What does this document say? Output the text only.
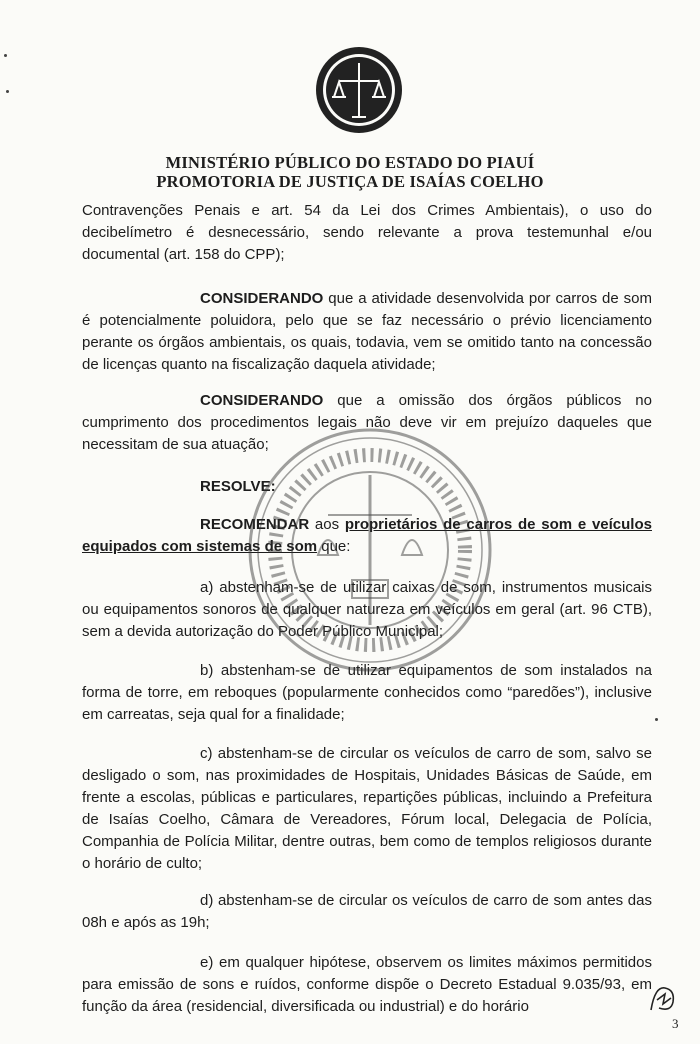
MINISTÉRIO PÚBLICO DO ESTADO DO PIAUÍ
PROMOTORIA DE JUSTIÇA DE ISAÍAS COELHO
Contravenções Penais e art. 54 da Lei dos Crimes Ambientais), o uso do decibelímetro é desnecessário, sendo relevante a prova testemunhal e/ou documental (art. 158 do CPP);
CONSIDERANDO que a atividade desenvolvida por carros de som é potencialmente poluidora, pelo que se faz necessário o prévio licenciamento perante os órgãos ambientais, os quais, todavia, vem se omitido tanto na concessão de licenças quanto na fiscalização daquela atividade;
CONSIDERANDO que a omissão dos órgãos públicos no cumprimento dos procedimentos legais não deve vir em prejuízo daqueles que necessitam de sua atuação;
RESOLVE:
RECOMENDAR aos proprietários de carros de som e veículos equipados com sistemas de som que:
a) abstenham-se de utilizar caixas de som, instrumentos musicais ou equipamentos sonoros de qualquer natureza em veículos em geral (art. 96 CTB), sem a devida autorização do Poder Público Municipal;
b) abstenham-se de utilizar equipamentos de som instalados na forma de torre, em reboques (popularmente conhecidos como “paredões”), inclusive em carreatas, seja qual for a finalidade;
c) abstenham-se de circular os veículos de carro de som, salvo se desligado o som, nas proximidades de Hospitais, Unidades Básicas de Saúde, em frente a escolas, públicas e particulares, repartições públicas, incluindo a Prefeitura de Isaías Coelho, Câmara de Vereadores, Fórum local, Delegacia de Polícia, Companhia de Polícia Militar, dentre outras, bem como de templos religiosos durante o horário de culto;
d) abstenham-se de circular os veículos de carro de som antes das 08h e após as 19h;
e) em qualquer hipótese, observem os limites máximos permitidos para emissão de sons e ruídos, conforme dispõe o Decreto Estadual 9.035/93, em função da área (residencial, diversificada ou industrial) e do horário
3
